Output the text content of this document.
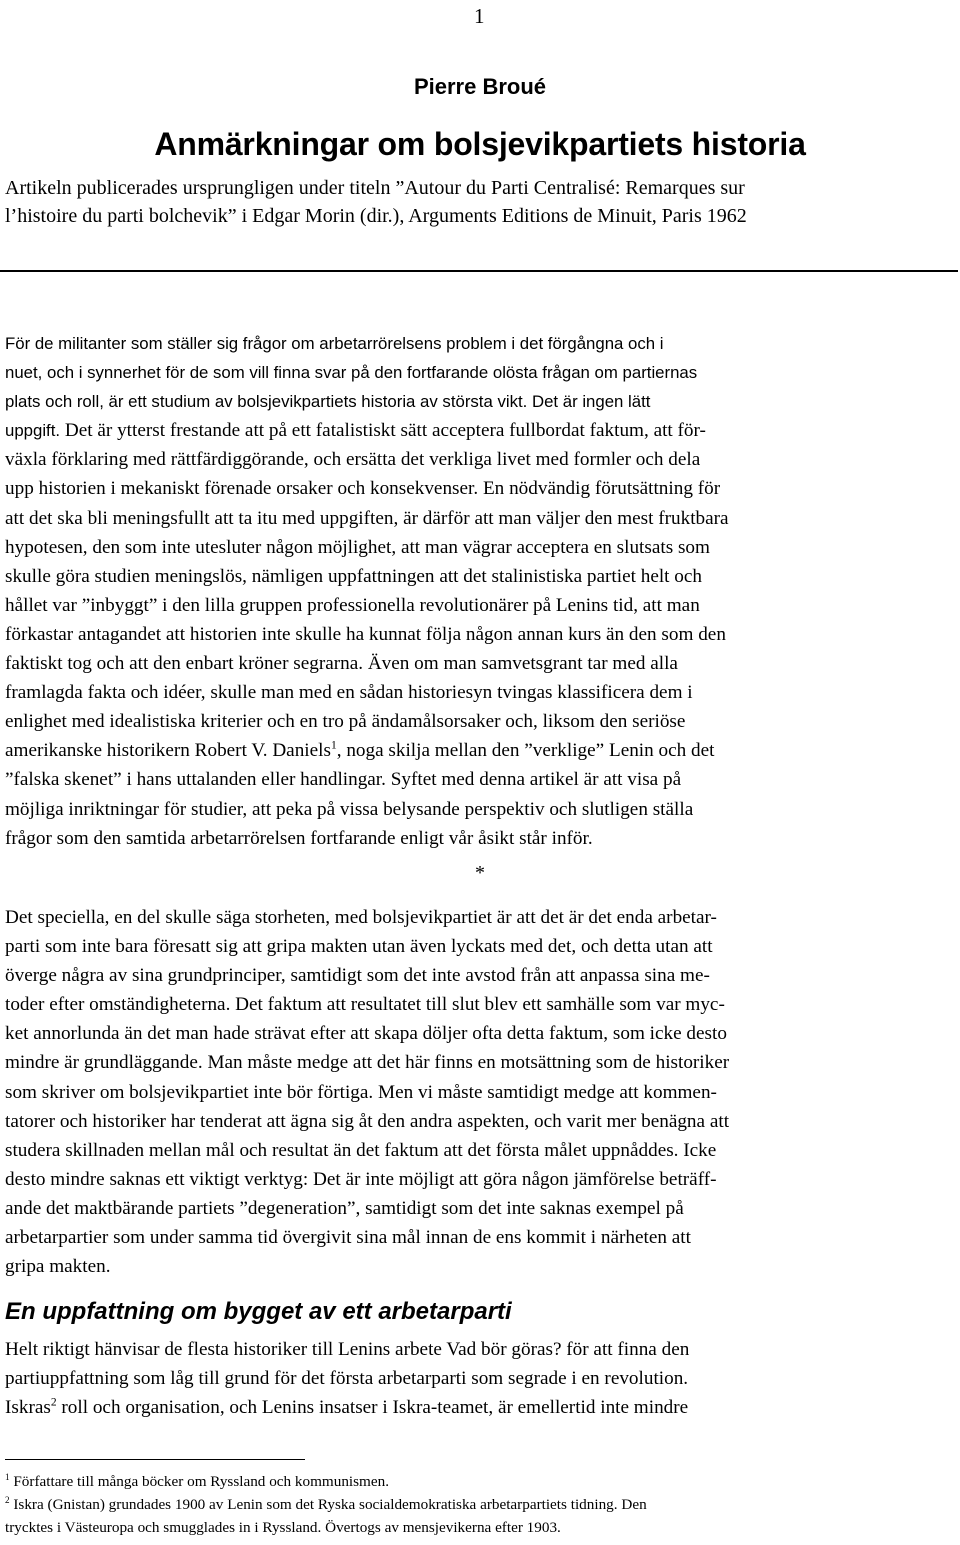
1
Pierre Broué
Anmärkningar om bolsjevikpartiets historia
Artikeln publicerades ursprungligen under titeln ”Autour du Parti Centralisé: Remarques sur
l’histoire du parti bolchevik” i Edgar Morin (dir.), Arguments Editions de Minuit, Paris 1962
För de militanter som ställer sig frågor om arbetarrörelsens problem i det förgångna och i
nuet, och i synnerhet för de som vill finna svar på den fortfarande olösta frågan om partiernas
plats och roll, är ett studium av bolsjevikpartiets historia av största vikt. Det är ingen lätt
uppgift. Det är ytterst frestande att på ett fatalistiskt sätt acceptera fullbordat faktum, att för-
växla förklaring med rättfärdiggörande, och ersätta det verkliga livet med formler och dela
upp historien i mekaniskt förenade orsaker och konsekvenser. En nödvändig förutsättning för
att det ska bli meningsfullt att ta itu med uppgiften, är därför att man väljer den mest fruktbara
hypotesen, den som inte utesluter någon möjlighet, att man vägrar acceptera en slutsats som
skulle göra studien meningslös, nämligen uppfattningen att det stalinistiska partiet helt och
hållet var ”inbyggt” i den lilla gruppen professionella revolutionärer på Lenins tid, att man
förkastar antagandet att historien inte skulle ha kunnat följa någon annan kurs än den som den
faktiskt tog och att den enbart kröner segrarna. Även om man samvetsgrant tar med alla
framlagda fakta och idéer, skulle man med en sådan historiesyn tvingas klassificera dem i
enlighet med idealistiska kriterier och en tro på ändamålsorsaker och, liksom den seriöse
amerikanske historikern Robert V. Daniels$^1$, noga skilja mellan den ”verklige” Lenin och det
”falska skenet” i hans uttalanden eller handlingar. Syftet med denna artikel är att visa på
möjliga inriktningar för studier, att peka på vissa belysande perspektiv och slutligen ställa
frågor som den samtida arbetarrörelsen fortfarande enligt vår åsikt står inför.
*
Det speciella, en del skulle säga storheten, med bolsjevikpartiet är att det är det enda arbetar-
parti som inte bara föresatt sig att gripa makten utan även lyckats med det, och detta utan att
överge några av sina grundprinciper, samtidigt som det inte avstod från att anpassa sina me-
toder efter omständigheterna. Det faktum att resultatet till slut blev ett samhälle som var myc-
ket annorlunda än det man hade strävat efter att skapa döljer ofta detta faktum, som icke desto
mindre är grundläggande. Man måste medge att det här finns en motsättning som de historiker
som skriver om bolsjevikpartiet inte bör förtiga. Men vi måste samtidigt medge att kommen-
tatorer och historiker har tenderat att ägna sig åt den andra aspekten, och varit mer benägna att
studera skillnaden mellan mål och resultat än det faktum att det första målet uppnåddes. Icke
desto mindre saknas ett viktigt verktyg: Det är inte möjligt att göra någon jämförelse beträff-
ande det maktbärande partiets ”degeneration”, samtidigt som det inte saknas exempel på
arbetarpartier som under samma tid övergivit sina mål innan de ens kommit i närheten att
gripa makten.
En uppfattning om bygget av ett arbetarparti
Helt riktigt hänvisar de flesta historiker till Lenins arbete Vad bör göras? för att finna den
partiuppfattning som låg till grund för det första arbetarparti som segrade i en revolution.
Iskras$^2$ roll och organisation, och Lenins insatser i Iskra-teamet, är emellertid inte mindre
$^1$ Författare till många böcker om Ryssland och kommunismen.
$^2$ Iskra (Gnistan) grundades 1900 av Lenin som det Ryska socialdemokratiska arbetarpartiets tidning. Den
trycktes i Västeuropa och smugglades in i Ryssland. Övertogs av mensjevikerna efter 1903.
